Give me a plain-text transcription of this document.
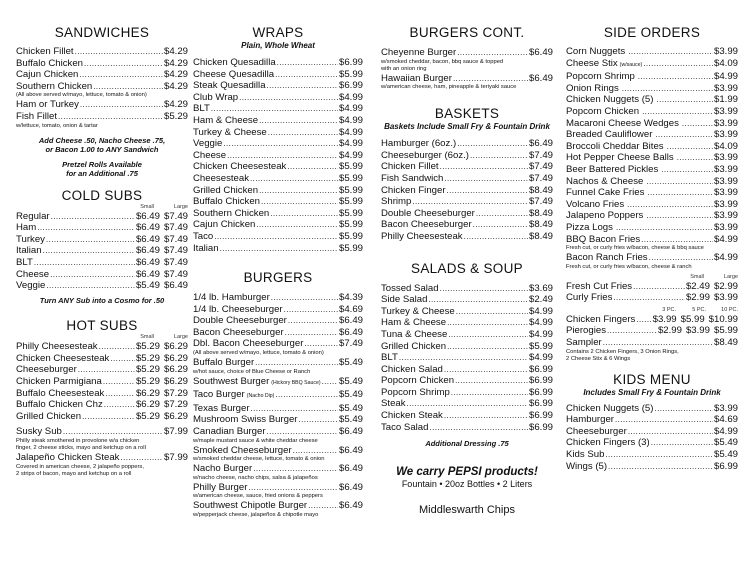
SANDWICHES
Chicken Fillet .....	$4.29
Buffalo Chicken .....	$4.29
Cajun Chicken .....	$4.29
Southern Chicken .....	$4.29
(All above served w/mayo, lettuce, tomato & onion)
Ham or Turkey .....	$4.29
Fish Fillet .....	$5.29
w/lettuce, tomato, onion & tartar
Add Cheese .50, Nacho Cheese .75,
or Bacon 1.00 to ANY Sandwich
Pretzel Rolls Available
for an Additional .75
COLD SUBS
Small	Large
Regular .....	$6.49 $7.49
Ham .....	$6.49 $7.49
Turkey .....	$6.49 $7.49
Italian .....	$6.49 $7.49
BLT .....	$6.49 $7.49
Cheese .....	$6.49 $7.49
Veggie .....	$5.49 $6.49
Turn ANY Sub into a Cosmo for .50
HOT SUBS
Small	Large
Philly Cheesesteak .....	$5.29 $6.29
Chicken Cheesesteak .....	$5.29 $6.29
Cheeseburger .....	$5.29 $6.29
Chicken Parmigiana .....	$5.29 $6.29
Buffalo Cheesesteak .....	$6.29 $7.29
Buffalo Chicken Chz .....	$6.29 $7.29
Grilled Chicken .....	$5.29 $6.29
Susky Sub .....	$7.99
Philly steak smothered in provolone w/a chicken
finger, 2 cheese sticks, mayo and ketchup on a roll
Jalapeño Chicken Steak .....	$7.99
Covered in american cheese, 2 jalapeño poppers,
2 strips of bacon, mayo and ketchup on a roll
WRAPS
Plain, Whole Wheat
Chicken Quesadilla .....	$6.99
Cheese Quesadilla .....	$5.99
Steak Quesadilla .....	$6.99
Club Wrap .....	$4.99
BLT .....	$4.99
Ham & Cheese .....	$4.99
Turkey & Cheese .....	$4.99
Veggie .....	$4.99
Cheese .....	$4.99
Chicken Cheesesteak .....	$5.99
Cheesesteak .....	$5.99
Grilled Chicken .....	$5.99
Buffalo Chicken .....	$5.99
Southern Chicken .....	$5.99
Cajun Chicken .....	$5.99
Taco .....	$5.99
Italian .....	$5.99
BURGERS
1/4 lb. Hamburger .....	$4.39
1/4 lb. Cheeseburger .....	$4.69
Double Cheeseburger .....	$6.49
Bacon Cheeseburger .....	$6.49
Dbl. Bacon Cheeseburger .....	$7.49
(All above served w/mayo, lettuce, tomato & onion)
Buffalo Burger .....	$5.49
w/hot sauce, choice of Blue Cheese or Ranch
Southwest Burger (Hickory BBQ Sauce) ..... $5.49
Taco Burger (Nacho Dip) .....	$5.49
Texas Burger .....	$5.49
Mushroom Swiss Burger .....	$5.49
Canadian Burger .....	$6.49
w/maple mustard sauce & white cheddar cheese
Smoked Cheeseburger .....	$6.49
w/smoked cheddar cheese, lettuce, tomato & onion
Nacho Burger .....	$6.49
w/nacho cheese, nacho chips, salsa & jalapeños
Philly Burger .....	$6.49
w/american cheese, sauce, fried onions & peppers
Southwest Chipotle Burger .....	$6.49
w/pepperjack cheese, jalapeños & chipotle mayo
BURGERS CONT.
Cheyenne Burger .....	$6.49
w/smoked cheddar, bacon, bbq sauce & topped
with an onion ring
Hawaiian Burger .....	$6.49
w/american cheese, ham, pineapple & teriyaki sauce
BASKETS
Baskets Include Small Fry & Fountain Drink
Hamburger (6oz.) .....	$6.49
Cheeseburger (6oz.) .....	$7.49
Chicken Fillet .....	$7.49
Fish Sandwich .....	$7.49
Chicken Finger .....	$8.49
Shrimp .....	$7.49
Double Cheeseburger .....	$8.49
Bacon Cheeseburger .....	$8.49
Philly Cheesesteak .....	$8.49
SALADS & SOUP
Tossed Salad .....	$3.69
Side Salad .....	$2.49
Turkey & Cheese .....	$4.99
Ham & Cheese .....	$4.99
Tuna & Cheese .....	$4.99
Grilled Chicken .....	$5.99
BLT .....	$4.99
Chicken Salad .....	$6.99
Popcorn Chicken .....	$6.99
Popcorn Shrimp .....	$6.99
Steak .....	$6.99
Chicken Steak .....	$6.99
Taco Salad .....	$6.99
Additional Dressing .75
We carry PEPSI products!
Fountain • 20oz Bottles • 2 Liters
Middleswarth Chips
SIDE ORDERS
Corn Nuggets .....	$3.99
Cheese Stix (w/sauce) .....	$4.09
Popcorn Shrimp .....	$4.99
Onion Rings .....	$3.99
Chicken Nuggets (5) .....	$1.99
Popcorn Chicken .....	$3.99
Macaroni Cheese Wedges .....	$3.99
Breaded Cauliflower .....	$3.99
Broccoli Cheddar Bites .....	$4.09
Hot Pepper Cheese Balls .....	$3.99
Beer Battered Pickles .....	$3.99
Nachos & Cheese .....	$3.99
Funnel Cake Fries .....	$3.99
Volcano Fries .....	$3.99
Jalapeno Poppers .....	$3.99
Pizza Logs .....	$3.99
BBQ Bacon Fries .....	$4.99
Fresh cut, or curly fries w/bacon, cheese & bbq sauce
Bacon Ranch Fries .....	$4.99
Fresh cut, or curly fries w/bacon, cheese & ranch
Small	Large
Fresh Cut Fries .....	$2.49 $2.99
Curly Fries .....	$2.99 $3.99
3 PC.	5 PC.	10 PC.
Chicken Fingers ..... $3.99 $5.99 $10.99
Pierogies .....	$2.99 $3.99 $5.99
Sampler .....	$8.49
Contains 2 Chicken Fingers, 3 Onion Rings,
2 Cheese Stix & 6 Wings
KIDS MENU
Includes Small Fry & Fountain Drink
Chicken Nuggets (5) .....	$3.99
Hamburger .....	$4.69
Cheeseburger .....	$4.99
Chicken Fingers (3) .....	$5.49
Kids Sub .....	$5.49
Wings (5) .....	$6.99
